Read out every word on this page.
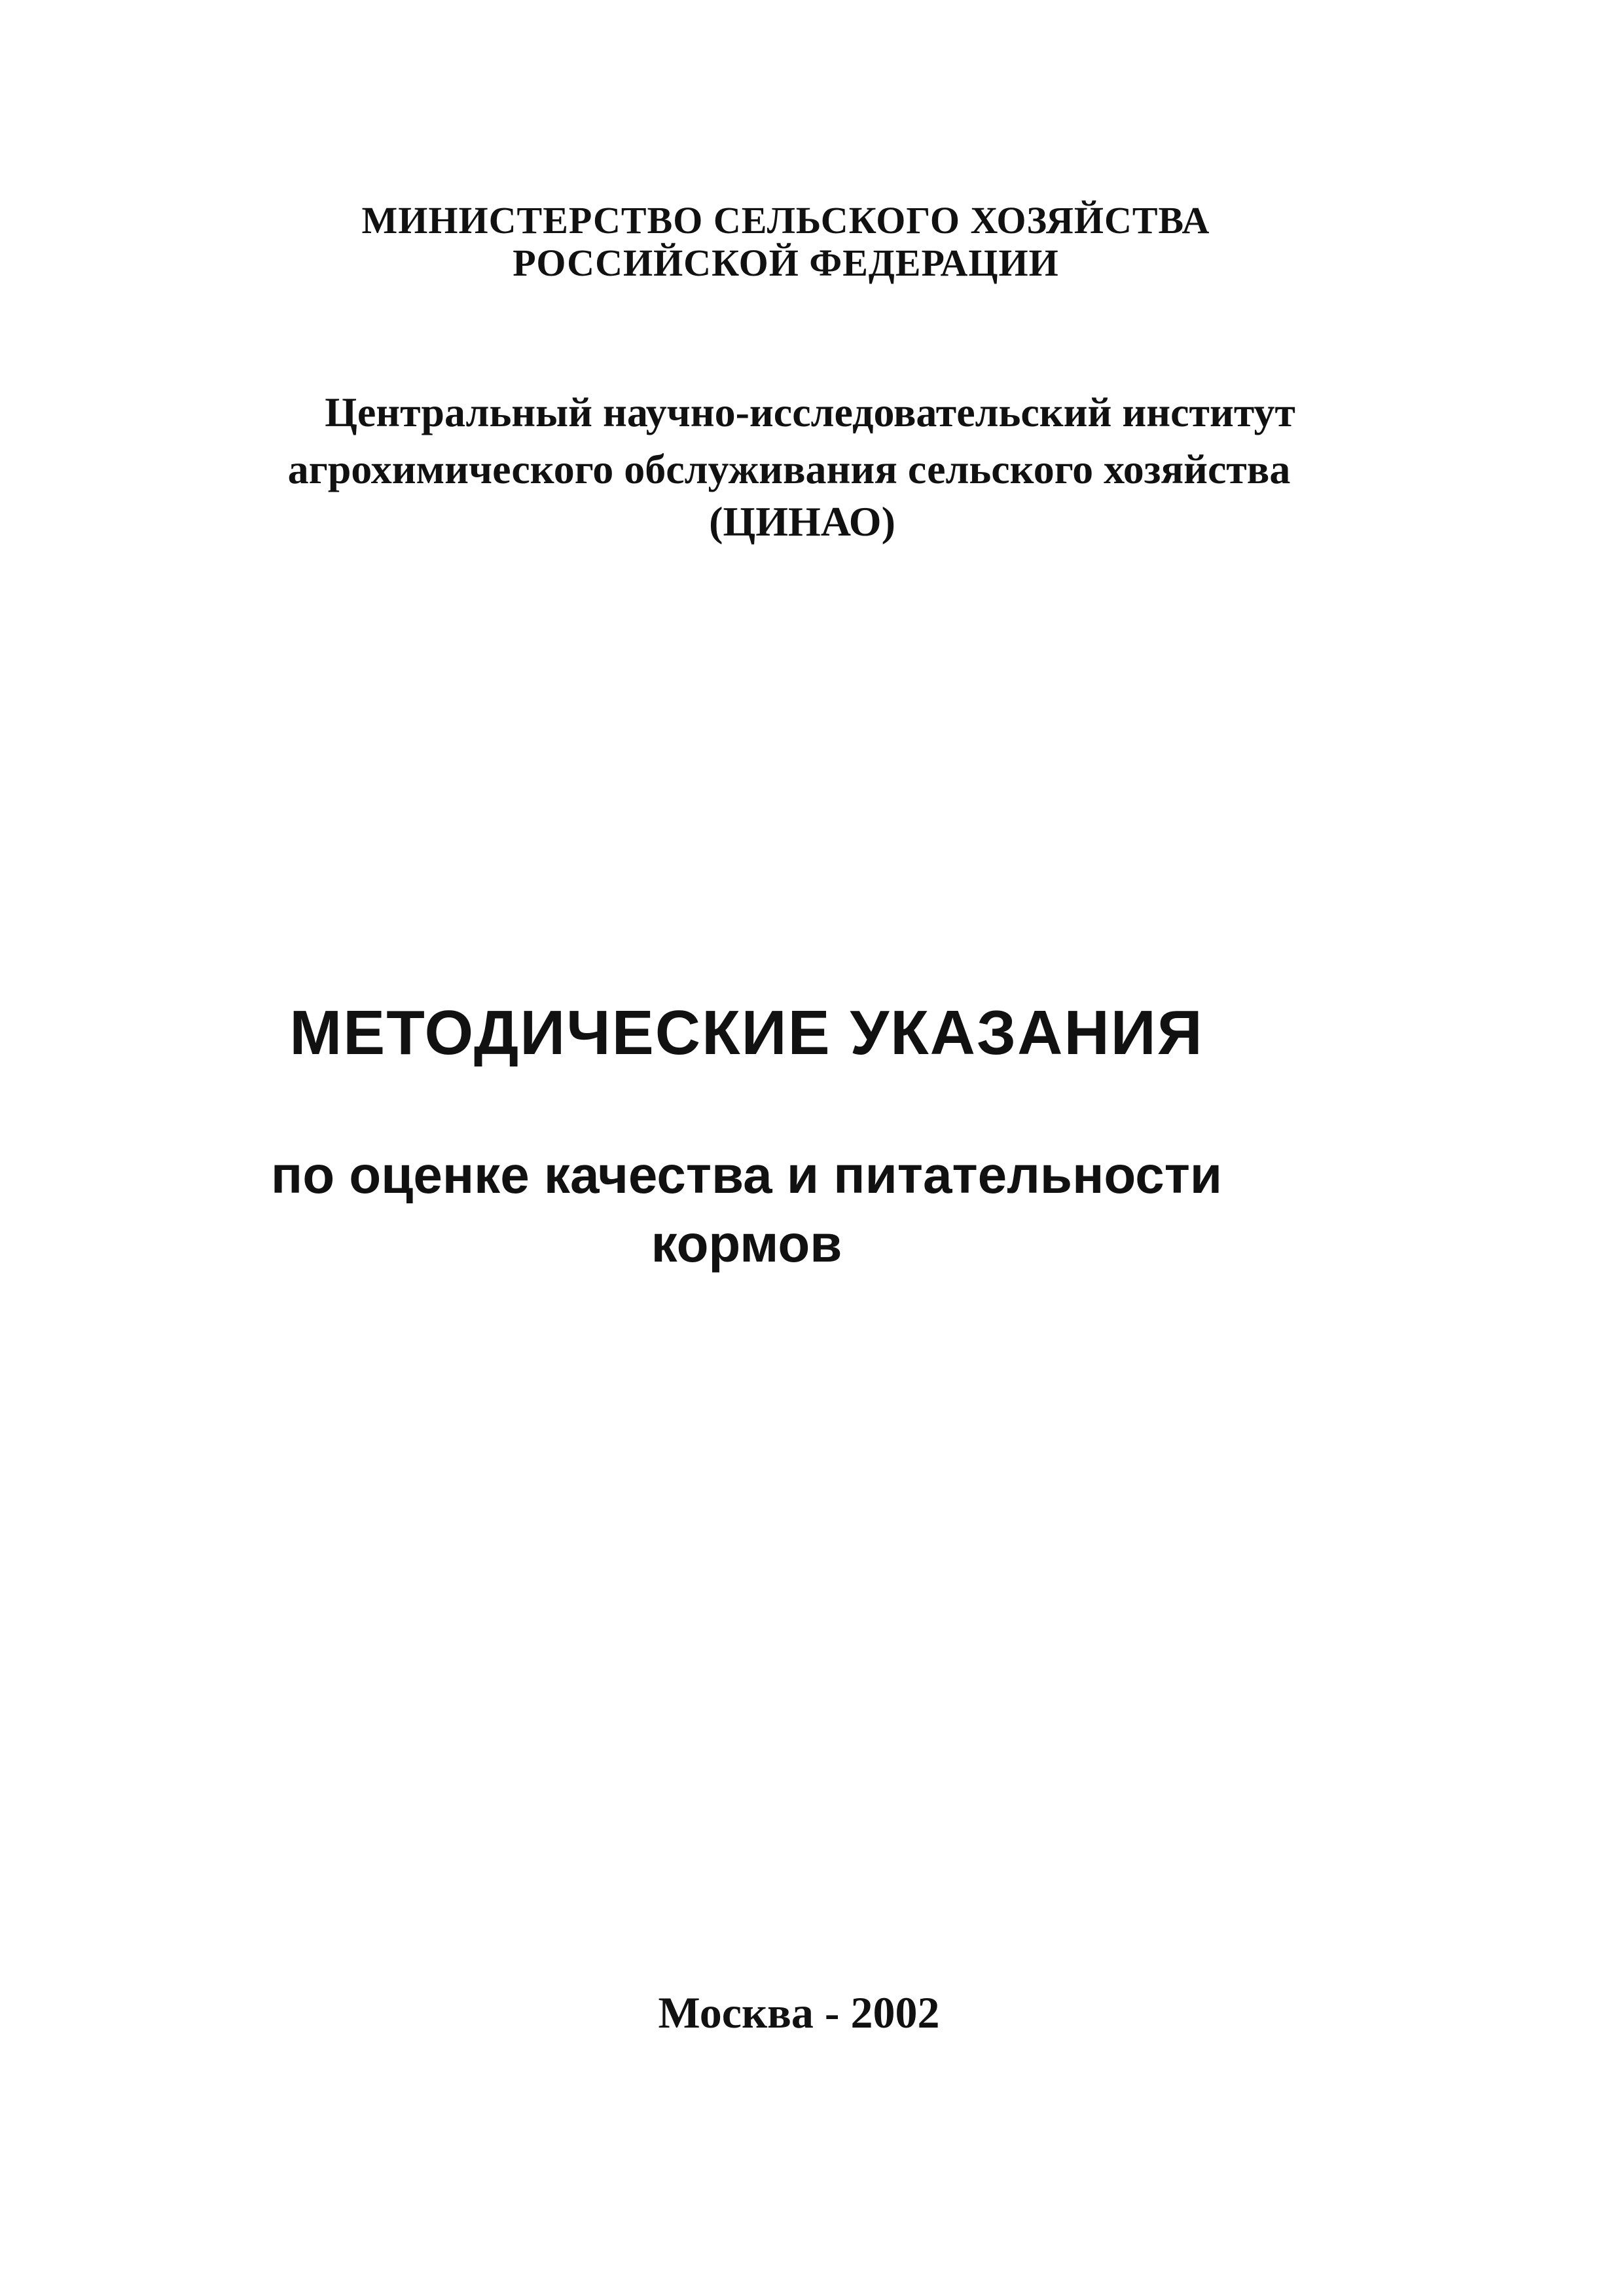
МИНИСТЕРСТВО СЕЛЬСКОГО ХОЗЯЙСТВА
РОССИЙСКОЙ ФЕДЕРАЦИИ
Центральный научно-исследовательский институт
агрохимического обслуживания сельского хозяйства
(ЦИНАО)
МЕТОДИЧЕСКИЕ УКАЗАНИЯ
по оценке качества и питательности
кормов
Москва - 2002
